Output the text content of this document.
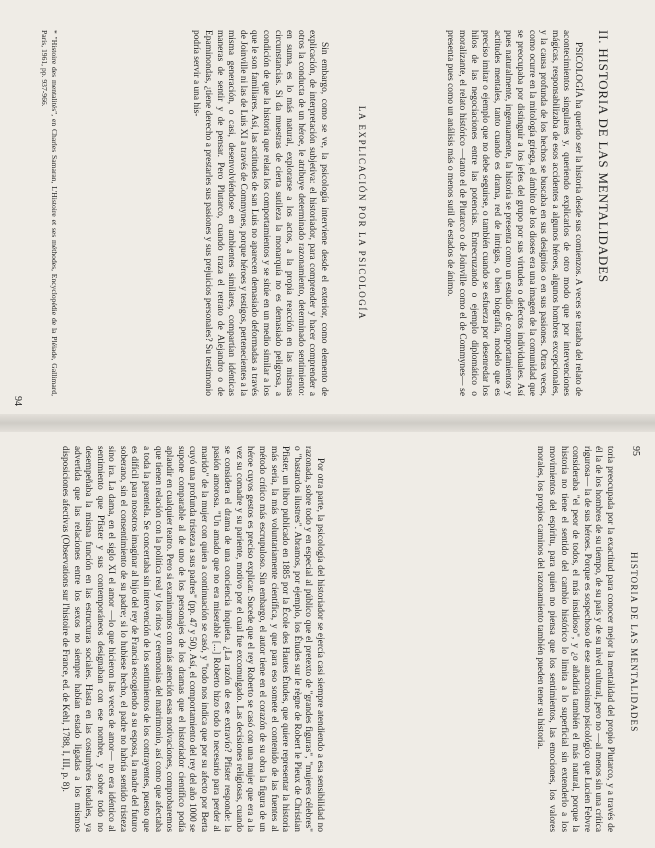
II. HISTORIA DE LAS MENTALIDADES

PSICOLOGÍA ha querido ser la historia desde sus comienzos. A veces se trataba del relato de acontecimientos singulares y, queriendo explicarlos de otro modo que por intervenciones mágicas, responsabilizaba de esos accidentes a algunos héroes, algunos hombres excepcionales, y la causa profunda de los hechos se buscaba en sus designios o en sus pasiones. Otras veces, como ocurre en la mitología griega, el ámbito de los dioses era una imagen de la comunidad que se preocupaba por distinguir a los jefes del grupo por sus virtudes o defectos individuales. Así pues naturalmente, ingenuamente, la historia se presenta como un estudio de comportamientos y actitudes mentales, tanto cuando es drama, red de intrigas, o bien biografía, modelo que es preciso imitar o ejemplo que no debe seguirse, o también cuando se esfuerza por desenredar los hilos de las negociaciones entre las potencias. Entrecruzando o ejemplo diplomático o moralizante, el relato histórico —tanto el de Plutarco o de Joinville como el de Commynes— se presenta pues como un análisis más o menos sutil de estados de ánimo.

LA EXPLICACIÓN POR LA PSICOLOGÍA

Sin embargo, como se ve, la psicología interviene desde el exterior, como elemento de explicación, de interpretación subjetiva: el historiador, para comprender y hacer comprender a otros la conducta de un héroe, le atribuye determinado razonamiento, determinado sentimiento: en suma, es lo más natural, explorarse a los actos, a la propia reacción en las mismas circunstancias. Si da muestras de cierta sutileza la monarquía no es demasiado peligrosa, a condición de que la historia que relata los comportamientos y se sitúe en un medio similar a los que le son familiares. Así, las actitudes de san Luis no aparecen demasiado deformadas a través de Joinville ni las de Luis XI a través de Commynes, porque héroes y testigos, pertenecientes a la misma generación, o casi, desenvolviéndose en ambientes similares, compartían idénticas maneras de sentir y de pensar. Pero Plutarco, cuando traza el retrato de Alejandro o de Epaminondas, ¿tiene derecho a prestarles sus pasiones y sus prejuicios personales? Su testimonio podría servir a una his-

* "Histoire des mentalités", en Charles Samaran, L'Histoire et ses méthodes, Encyclopédie de la Pléiade, Gallimard, París, 1961, pp. 937-966.
94
95
HISTORIA DE LAS MENTALIDADES

toria preocupada por la exactitud para conocer mejor la mentalidad del propio Plutarco, y a través de él la de los hombres de su tiempo, de su país y de su nivel cultural, pero no —al menos sin una crítica rigurosa— la de sus héroes. Porque es sospechoso de ese anacronismo psicológico que Lucien Febvre consideraba "el peor de todos, el más insidioso", y ¿o añadiría también el más natural, porque la historia no tiene el sentido del cambio histórico lo limita a lo superficial sin extenderlo a los movimientos del espíritu, para quien no piensa que los sentimientos, las emociones, los valores morales, los propios caminos del razonamiento también pueden tener su historia.

Por otra parte, la psicología del historiador se ejercía casi siempre atendiendo a esa sensibilidad no razonada, sobre todo y en especial al público que el pretexto de "grandes figuras", "mujeres célebres" o "bastardos ilustres". Abramos, por ejemplo, los Études sur le règne de Robert le Pieux de Christian Pfister, un libro publicado en 1885 por la École des Hautes Études, que quiere representar la historia más seria, la más voluntariamente científica, y que para eso somete el contenido de las fuentes al método crítico más escrupuloso. Sin embargo, el autor tiene en el corazón de su obra la figura de un héroe cuyos gestos es preciso explicar. Sucede que el rey Roberto se casó con una mujer que era a la vez su comadre y su pariente, motivo por el cual fue excomulgado. Las decisiones religiosas, cuando se considera el drama de una conciencia inquieta. ¿La razón de ese extravío? Pfister responde: la pasión amorosa. "Un amado que no era miserable [...] Roberto hizo todo lo necesario para perder al marido" de la mujer con quien a continuación se casó, y "todo nos indica que por su afecto por Berta cuyó una profunda tristeza a sus padres" (pp. 47 y 50). Así, el comportamiento del rey del año 1000 se supone comparable al de uno de los personajes de los dramas que el historiador científico podía aplaudir en cualquier teatro. Pero si examinamos con más atención esas motivaciones, comprobaremos que tienen relación con la política real y los ritos y ceremonias del matrimonio, así como que afectaba a toda la parentela. Se concertaba sin intervención de los sentimientos de los contrayentes, puesto que es difícil para nosotros imaginar al hijo del rey de Francia escogiendo a su esposa, la madre del futuro soberano, sin el consentimiento de su padre; si lo hubiese hecho, el padre no habría sentido tristeza sino ira. La dama, en el siglo XI el amor —lo que hicieron las veces de amor— no era idéntico al sentimiento que Pfister y sus contemporáneos designaban con ese nombre, y sobre todo no desempeñaba la misma función en las estructuras sociales. Hasta en las costumbres feudales, ya advertida que las relaciones entre los sexos no siempre habían estado ligadas a los mismos disposiciones afectivas (Observations sur l'histoire de France, ed. de Kehl, 1788, I, III, p. 8).
